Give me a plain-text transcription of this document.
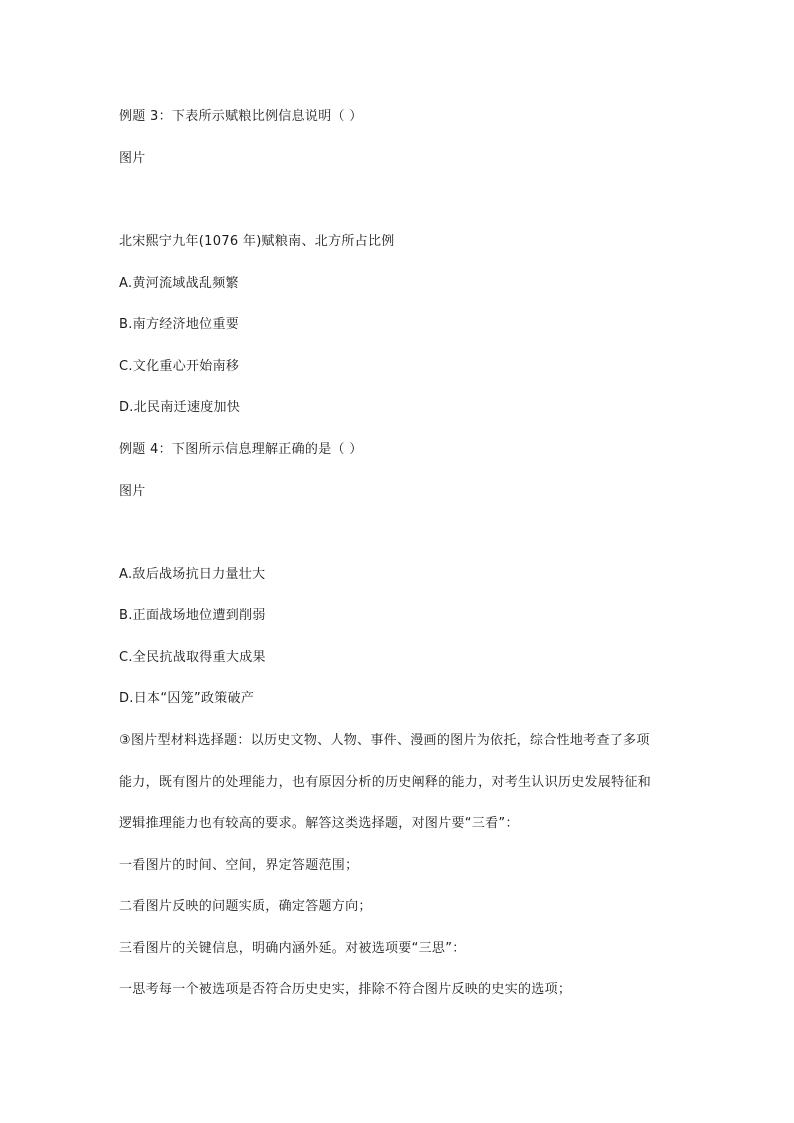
例题 3：下表所示赋粮比例信息说明（ ）
图片
北宋熙宁九年(1076 年)赋粮南、北方所占比例
A.黄河流域战乱频繁
B.南方经济地位重要
C.文化重心开始南移
D.北民南迁速度加快
例题 4：下图所示信息理解正确的是（ ）
图片
A.敌后战场抗日力量壮大
B.正面战场地位遭到削弱
C.全民抗战取得重大成果
D.日本“囚笼”政策破产
③图片型材料选择题：以历史文物、人物、事件、漫画的图片为依托，综合性地考查了多项
能力，既有图片的处理能力，也有原因分析的历史阐释的能力，对考生认识历史发展特征和
逻辑推理能力也有较高的要求。解答这类选择题，对图片要“三看”：
一看图片的时间、空间，界定答题范围；
二看图片反映的问题实质，确定答题方向；
三看图片的关键信息，明确内涵外延。对被选项要“三思”：
一思考每一个被选项是否符合历史史实，排除不符合图片反映的史实的选项；
